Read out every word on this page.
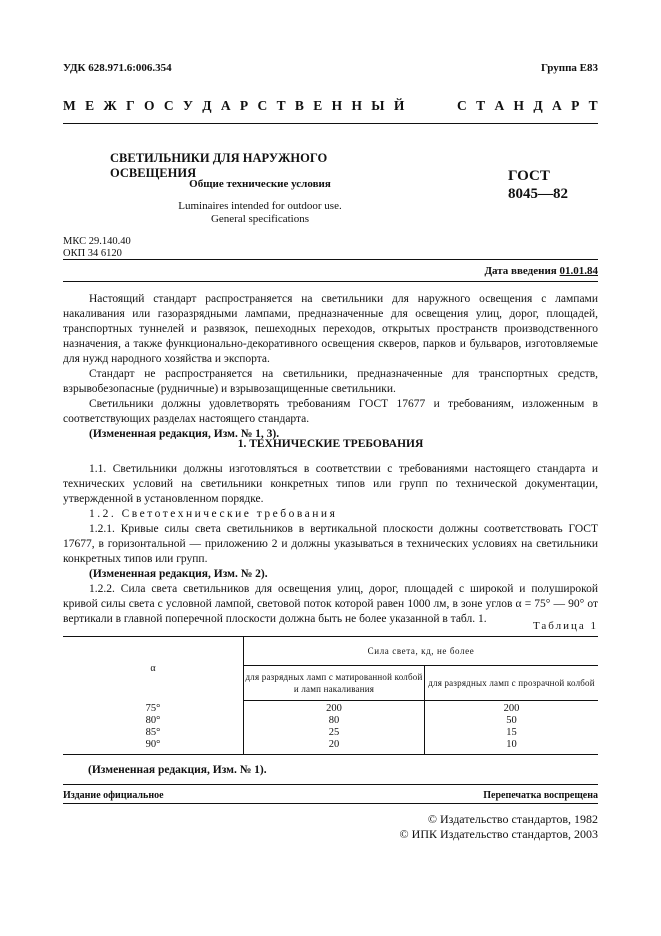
УДК 628.971.6:006.354	Группа Е83
М Е Ж Г О С У Д А Р С Т В Е Н Н Ы Й	С Т А Н Д А Р Т
СВЕТИЛЬНИКИ ДЛЯ НАРУЖНОГО ОСВЕЩЕНИЯ
Общие технические условия	ГОСТ
8045—82
Luminaires intended for outdoor use.
General specifications
МКС 29.140.40
ОКП 34 6120
Дата введения 01.01.84

Настоящий стандарт распространяется на светильники для наружного освещения с лампами накаливания или газоразрядными лампами, предназначенные для освещения улиц, дорог, площадей, транспортных туннелей и развязок, пешеходных переходов, открытых пространств производственного назначения, а также функционально-декоративного освещения скверов, парков и бульваров, изготовляемые для нужд народного хозяйства и экспорта.

Стандарт не распространяется на светильники, предназначенные для транспортных средств, взрывобезопасные (рудничные) и взрывозащищенные светильники.

Светильники должны удовлетворять требованиям ГОСТ 17677 и требованиям, изложенным в соответствующих разделах настоящего стандарта.

(Измененная редакция, Изм. № 1, 3).

1. ТЕХНИЧЕСКИЕ ТРЕБОВАНИЯ

1.1. Светильники должны изготовляться в соответствии с требованиями настоящего стандарта и технических условий на светильники конкретных типов или групп по технической документации, утвержденной в установленном порядке.

1.2. Светотехнические требования

1.2.1. Кривые силы света светильников в вертикальной плоскости должны соответствовать ГОСТ 17677, в горизонтальной — приложению 2 и должны указываться в технических условиях на светильники конкретных типов или групп.

(Измененная редакция, Изм. № 2).

1.2.2. Сила света светильников для освещения улиц, дорог, площадей с широкой и полуширокой кривой силы света с условной лампой, световой поток которой равен 1000 лм, в зоне углов α = 75° — 90° от вертикали в главной поперечной плоскости должна быть не более указанной в табл. 1.

Таблица 1
α	Сила света, кд, не более	
	для разрядных ламп с матированной колбой и ламп накаливания	для разрядных ламп с прозрачной колбой
75°	200	200
80°	80	50
85°	25	15
90°	20	10
(Измененная редакция, Изм. № 1).
Издание официальное	Перепечатка воспрещена
© Издательство стандартов, 1982
© ИПК Издательство стандартов, 2003
